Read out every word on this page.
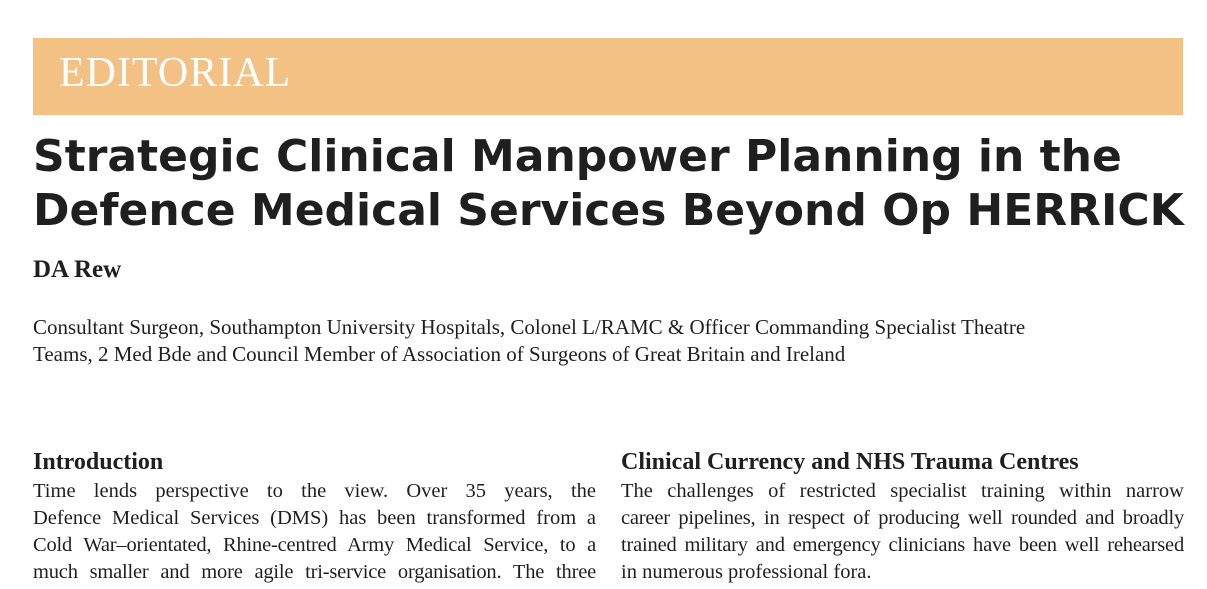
EDITORIAL
Strategic Clinical Manpower Planning in the
Defence Medical Services Beyond Op HERRICK
DA Rew
Consultant Surgeon, Southampton University Hospitals, Colonel L/RAMC & Officer Commanding Specialist Theatre
Teams, 2 Med Bde and Council Member of Association of Surgeons of Great Britain and Ireland
Introduction
Time lends perspective to the view. Over 35 years, the
Defence Medical Services (DMS) has been transformed from a
Cold War–orientated, Rhine-centred Army Medical Service, to a
much smaller and more agile tri-service organisation. The three
Clinical Currency and NHS Trauma Centres
The challenges of restricted specialist training within narrow
career pipelines, in respect of producing well rounded and broadly
trained military and emergency clinicians have been well rehearsed
in numerous professional fora.
